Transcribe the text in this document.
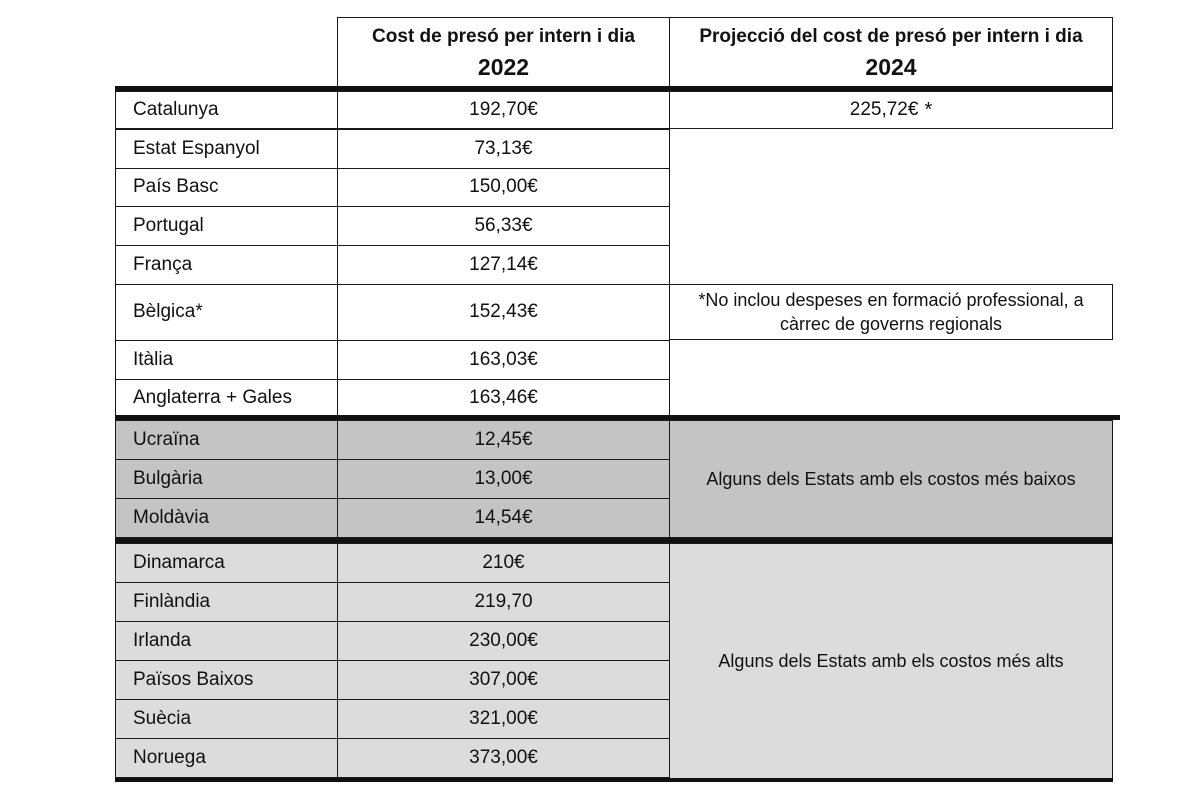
Cost de presó per intern i dia
2022
Projecció del cost de presó per intern i dia
2024
Catalunya	192,70€	225,72€ *
Estat Espanyol	73,13€
País Basc	150,00€
Portugal	56,33€
França	127,14€
Bèlgica*	152,43€
Itàlia	163,03€
Anglaterra + Gales	163,46€
*No inclou despeses en formació professional, a càrrec de governs regionals
Ucraïna	12,45€
Bulgària	13,00€
Moldàvia	14,54€
Alguns dels Estats amb els costos més baixos
Dinamarca	210€
Finlàndia	219,70
Irlanda	230,00€
Països Baixos	307,00€
Suècia	321,00€
Noruega	373,00€
Alguns dels Estats amb els costos més alts
